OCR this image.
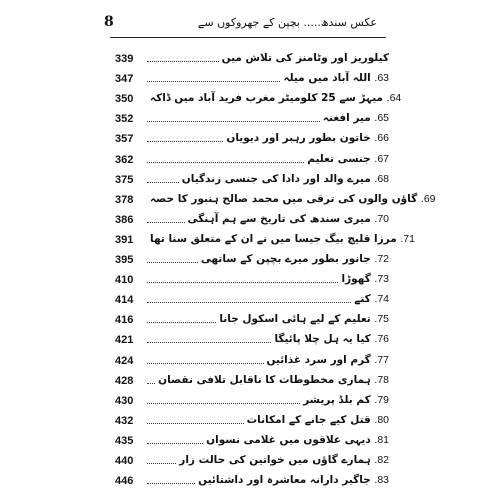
8	عکس سندھ..... بچپن کے جھروکوں سے
339	کیلوریز اور وٹامنز کی تلاش میں
347	63. اللہ آباد میں میلہ
350	64. میہڑ سے 25 کلومیٹر مغرب فرید آباد میں ڈاکہ
352	65. میر افغنہ
357	66. خاتون بطور رہبر اور دیویاں
362	67. جنسی تعلیم
375	68. میرے والد اور دادا کی جنسی زندگیاں
378	69. گاؤں والوں کی ترقی میں محمد صالح ہنبور کا حصہ
386	70. میری سندھ کی تاریخ سے ہم آہنگی
391	71. مرزا قلیچ بیگ جیسا میں نے ان کے متعلق سنا تھا
395	72. جانور بطور میرے بچپن کے ساتھی
410	73. گھوڑا
414	74. کتے
416	75. تعلیم کے لیے ہائی اسکول جانا
421	76. کیا یہ ہل چلا پائیگا
424	77. گرم اور سرد غذائیں
428	78. ہماری مخطوطات کا ناقابل تلافی نقصان
430	79. کم بلڈ پریشر
432	80. قتل کیے جانے کے امکانات
435	81. دیہی علاقوں میں غلامی نسواں
440	82. ہمارے گاؤں میں خواتین کی حالت زار
446	83. جاگیر دارانہ معاشرہ اور داشتائیں
